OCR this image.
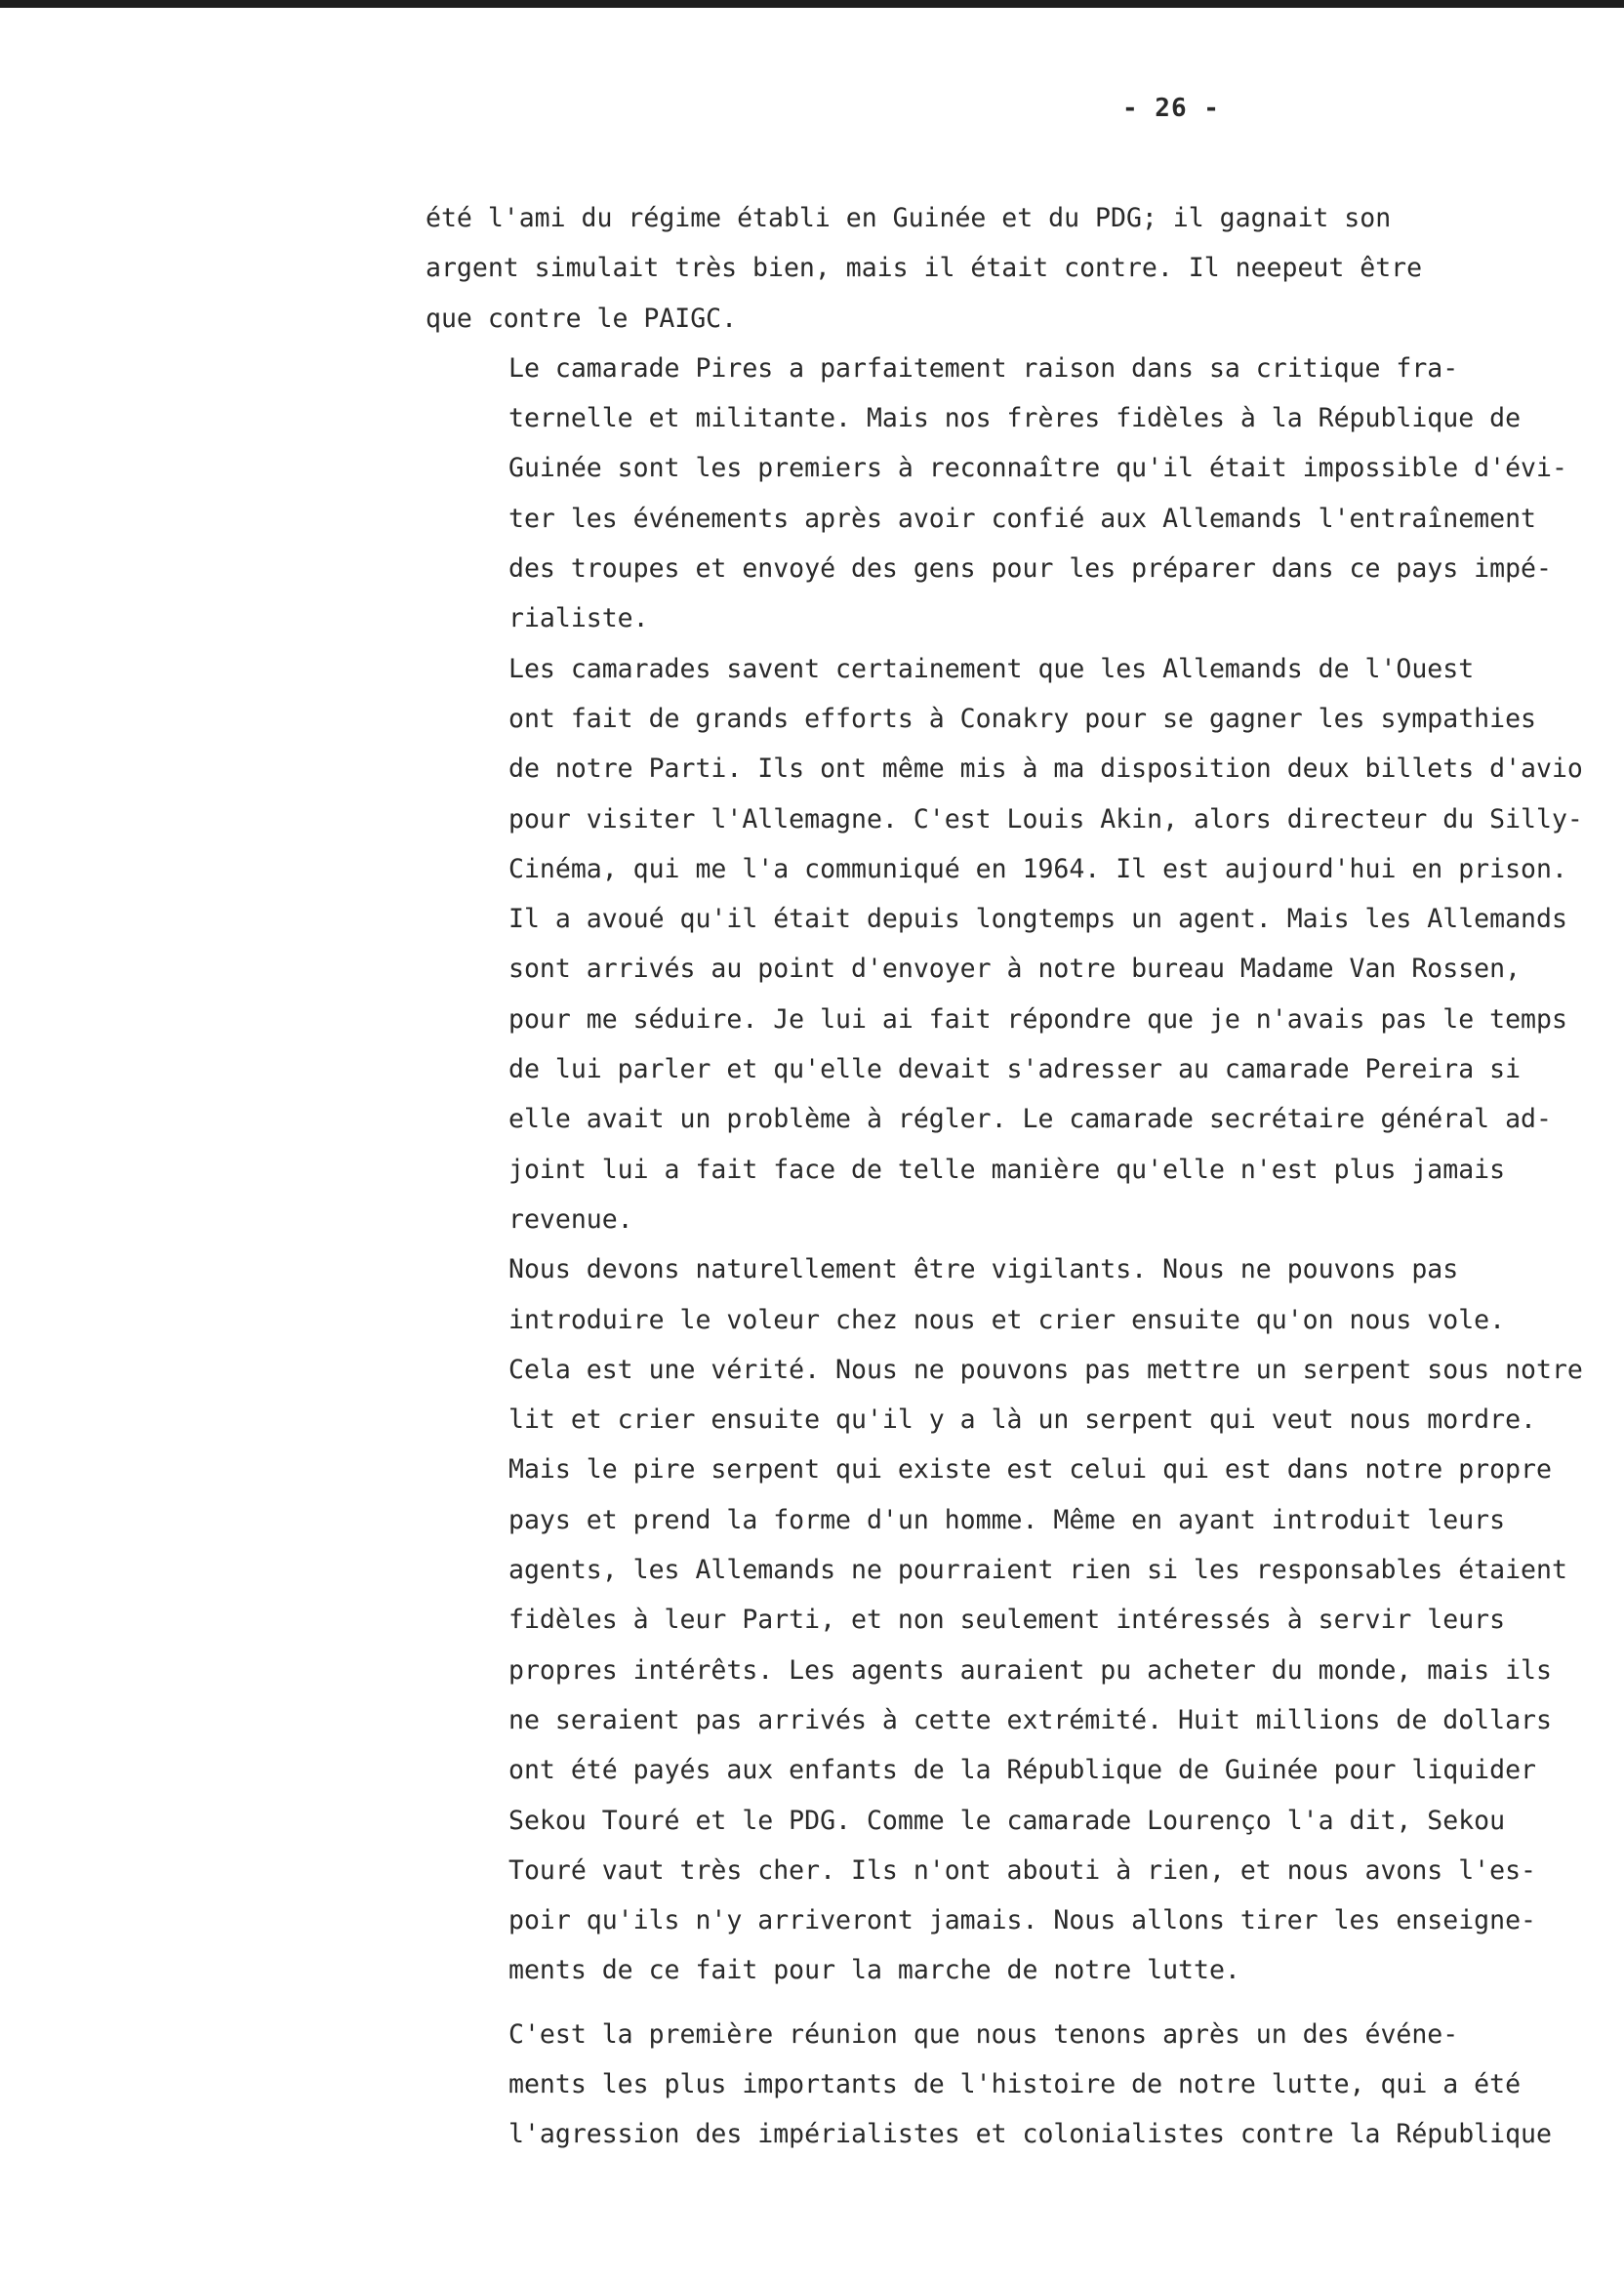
- 26 -

été l'ami du régime établi en Guinée et du PDG; il gagnait son
argent simulait très bien, mais il était contre. Il neepeut être
que contre le PAIGC.

Le camarade Pires a parfaitement raison dans sa critique fra-
ternelle et militante. Mais nos frères fidèles à la République de
Guinée sont les premiers à reconnaître qu'il était impossible d'évi-
ter les événements après avoir confié aux Allemands l'entraînement
des troupes et envoyé des gens pour les préparer dans ce pays impé-
rialiste.

Les camarades savent certainement que les Allemands de l'Ouest
ont fait de grands efforts à Conakry pour se gagner les sympathies
de notre Parti. Ils ont même mis à ma disposition deux billets d'avio
pour visiter l'Allemagne. C'est Louis Akin, alors directeur du Silly-
Cinéma, qui me l'a communiqué en 1964. Il est aujourd'hui en prison.
Il a avoué qu'il était depuis longtemps un agent. Mais les Allemands
sont arrivés au point d'envoyer à notre bureau Madame Van Rossen,
pour me séduire. Je lui ai fait répondre que je n'avais pas le temps
de lui parler et qu'elle devait s'adresser au camarade Pereira si
elle avait un problème à régler. Le camarade secrétaire général ad-
joint lui a fait face de telle manière qu'elle n'est plus jamais
revenue.

Nous devons naturellement être vigilants. Nous ne pouvons pas
introduire le voleur chez nous et crier ensuite qu'on nous vole.
Cela est une vérité. Nous ne pouvons pas mettre un serpent sous notre
lit et crier ensuite qu'il y a là un serpent qui veut nous mordre.
Mais le pire serpent qui existe est celui qui est dans notre propre
pays et prend la forme d'un homme. Même en ayant introduit leurs
agents, les Allemands ne pourraient rien si les responsables étaient
fidèles à leur Parti, et non seulement intéressés à servir leurs
propres intérêts. Les agents auraient pu acheter du monde, mais ils
ne seraient pas arrivés à cette extrémité. Huit millions de dollars
ont été payés aux enfants de la République de Guinée pour liquider
Sekou Touré et le PDG. Comme le camarade Lourenço l'a dit, Sekou
Touré vaut très cher. Ils n'ont abouti à rien, et nous avons l'es-
poir qu'ils n'y arriveront jamais. Nous allons tirer les enseigne-
ments de ce fait pour la marche de notre lutte.

C'est la première réunion que nous tenons après un des événe-
ments les plus importants de l'histoire de notre lutte, qui a été
l'agression des impérialistes et colonialistes contre la République
